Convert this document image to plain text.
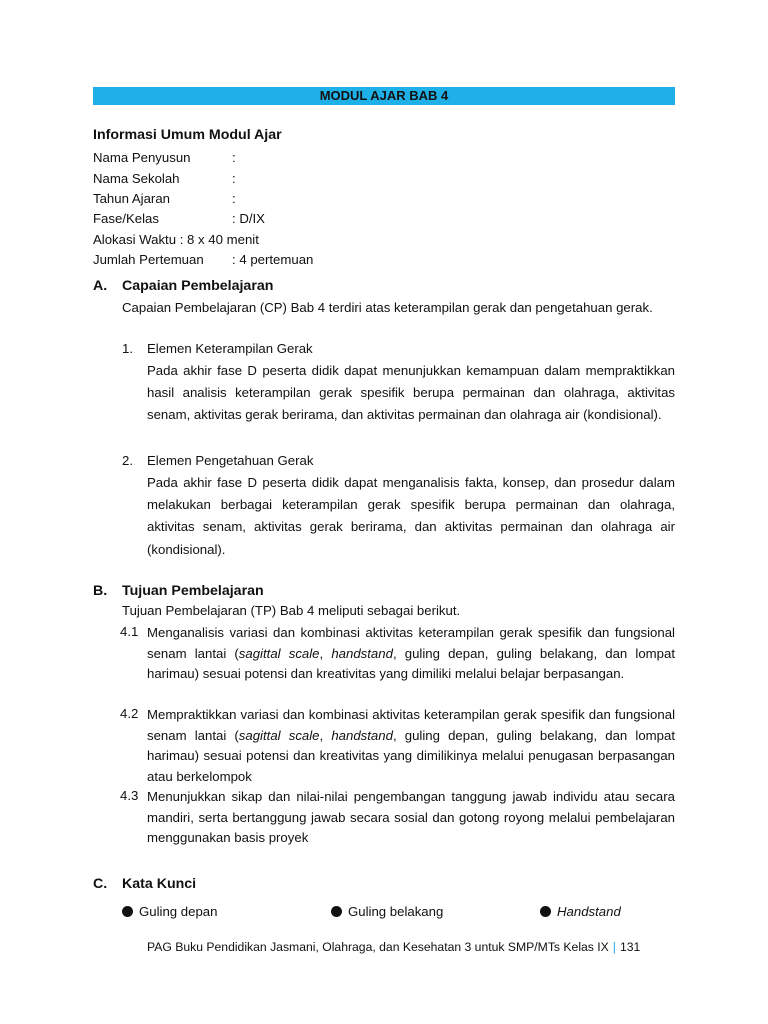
MODUL AJAR BAB 4
Informasi Umum Modul Ajar
Nama Penyusun	:
Nama Sekolah	:
Tahun Ajaran	:
Fase/Kelas	: D/IX
Alokasi Waktu : 8 x 40 menit
Jumlah Pertemuan : 4 pertemuan
A. Capaian Pembelajaran
Capaian Pembelajaran (CP) Bab 4 terdiri atas keterampilan gerak dan pengetahuan gerak.
1. Elemen Keterampilan Gerak
Pada akhir fase D peserta didik dapat menunjukkan kemampuan dalam mempraktikkan hasil analisis keterampilan gerak spesifik berupa permainan dan olahraga, aktivitas senam, aktivitas gerak berirama, dan aktivitas permainan dan olahraga air (kondisional).
2. Elemen Pengetahuan Gerak
Pada akhir fase D peserta didik dapat menganalisis fakta, konsep, dan prosedur dalam melakukan berbagai keterampilan gerak spesifik berupa permainan dan olahraga, aktivitas senam, aktivitas gerak berirama, dan aktivitas permainan dan olahraga air (kondisional).
B. Tujuan Pembelajaran
Tujuan Pembelajaran (TP) Bab 4 meliputi sebagai berikut.
4.1 Menganalisis variasi dan kombinasi aktivitas keterampilan gerak spesifik dan fungsional senam lantai (sagittal scale, handstand, guling depan, guling belakang, dan lompat harimau) sesuai potensi dan kreativitas yang dimiliki melalui belajar berpasangan.
4.2 Mempraktikkan variasi dan kombinasi aktivitas keterampilan gerak spesifik dan fungsional senam lantai (sagittal scale, handstand, guling depan, guling belakang, dan lompat harimau) sesuai potensi dan kreativitas yang dimilikinya melalui penugasan berpasangan atau berkelompok
4.3 Menunjukkan sikap dan nilai-nilai pengembangan tanggung jawab individu atau secara mandiri, serta bertanggung jawab secara sosial dan gotong royong melalui pembelajaran menggunakan basis proyek
C. Kata Kunci
Guling depan	Guling belakang	Handstand
PAG Buku Pendidikan Jasmani, Olahraga, dan Kesehatan 3 untuk SMP/MTs Kelas IX | 131
